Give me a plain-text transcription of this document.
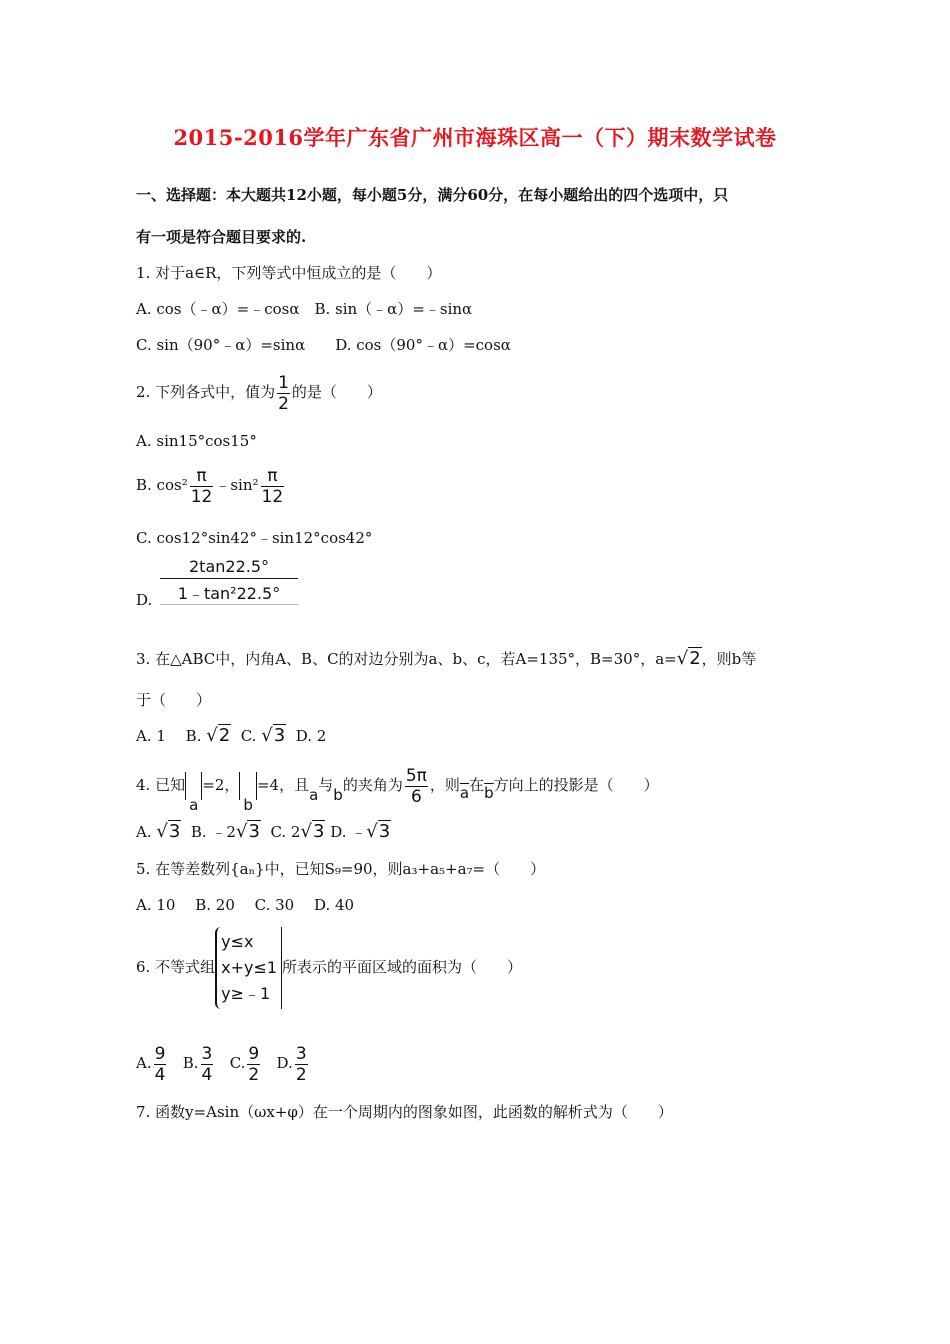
2015-2016学年广东省广州市海珠区高一（下）期末数学试卷
一、选择题：本大题共12小题，每小题5分，满分60分，在每小题给出的四个选项中，只
有一项是符合题目要求的.
1. 对于a∈R，下列等式中恒成立的是（　　）
A. cos（﹣α）=﹣cosα　B. sin（﹣α）=﹣sinα
C. sin（90°﹣α）=sinα　　D. cos（90°﹣α）=cosα
2. 下列各式中，值为 $\frac{1}{2}$ 的是（　　）
A. sin15°cos15°
B. $\cos^2 \frac{\pi}{12}$ ﹣sin² $\frac{\pi}{12}$
C. cos12°sin42°﹣sin12°cos42°
D. $\frac{2\tan 22.5^\circ}{\text{1﹣tan²22.5°}}$
3. 在△ABC中，内角A、B、C的对边分别为a、b、c，若A=135°，B=30°，a=√2，则b等
于（　　）
A. 1　 B. √2 C. √3 D. 2
4. 已知a=2，b=4，且a与b的夹角为 $\frac{5\pi}{6}$ ，则$\overline{a}$在$\overline{b}$方向上的投影是（　　）
A. √3 B. ﹣2√3 C. 2√3 D. ﹣√3
5. 在等差数列{aₙ}中，已知S₉=90，则a₃+a₅+a₇=（　　）
A. 10　 B. 20　 C. 30　 D. 40
6. 不等式组
y≤x
x+y≤1
y≥﹣1
所表示的平面区域的面积为（　　）
A. $\frac{9}{4} B$. $\frac{3}{4} C$. $\frac{9}{2} D$. $\frac{3}{2}$
7. 函数y=Asin（ωx+φ）在一个周期内的图象如图，此函数的解析式为（　　）
